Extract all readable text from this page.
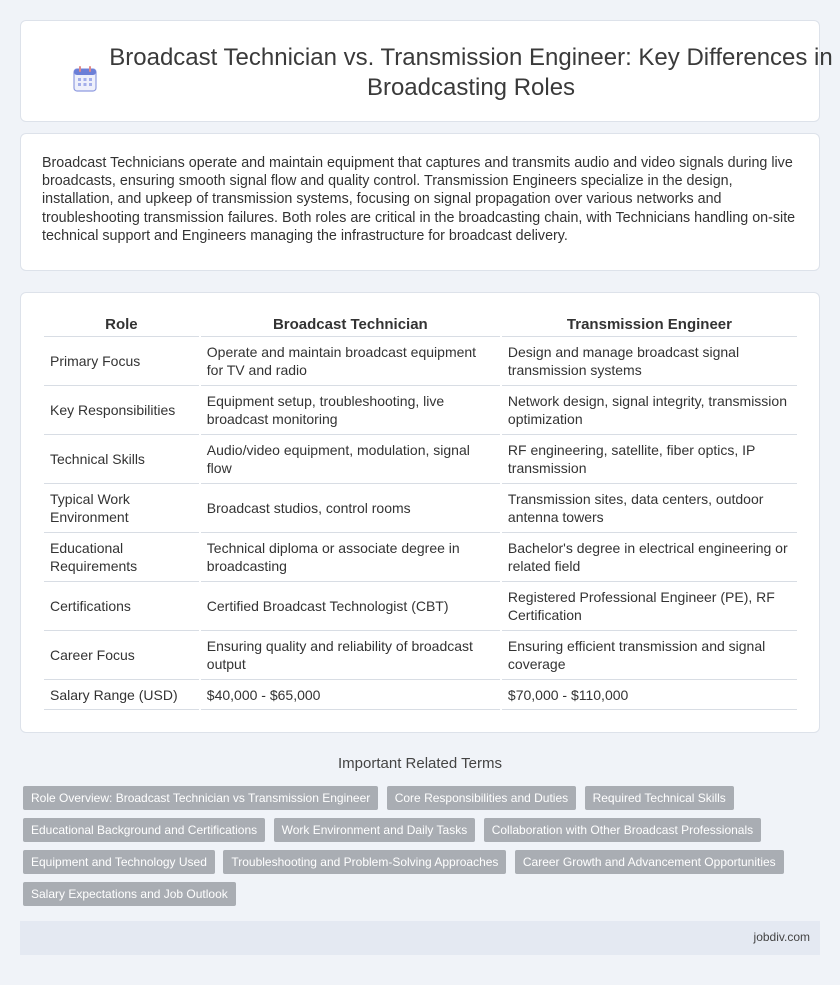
Broadcast Technician vs. Transmission Engineer: Key Differences in Broadcasting Roles

Broadcast Technicians operate and maintain equipment that captures and transmits audio and video signals during live broadcasts, ensuring smooth signal flow and quality control. Transmission Engineers specialize in the design, installation, and upkeep of transmission systems, focusing on signal propagation over various networks and troubleshooting transmission failures. Both roles are critical in the broadcasting chain, with Technicians handling on-site technical support and Engineers managing the infrastructure for broadcast delivery.

Role	Broadcast Technician	Transmission Engineer
Primary Focus	Operate and maintain broadcast equipment for TV and radio	Design and manage broadcast signal transmission systems
Key Responsibilities	Equipment setup, troubleshooting, live broadcast monitoring	Network design, signal integrity, transmission optimization
Technical Skills	Audio/video equipment, modulation, signal flow	RF engineering, satellite, fiber optics, IP transmission
Typical Work Environment	Broadcast studios, control rooms	Transmission sites, data centers, outdoor antenna towers
Educational Requirements	Technical diploma or associate degree in broadcasting	Bachelor's degree in electrical engineering or related field
Certifications	Certified Broadcast Technologist (CBT)	Registered Professional Engineer (PE), RF Certification
Career Focus	Ensuring quality and reliability of broadcast output	Ensuring efficient transmission and signal coverage
Salary Range (USD)	$40,000 - $65,000	$70,000 - $110,000
Important Related Terms
Role Overview: Broadcast Technician vs Transmission Engineer Core Responsibilities and Duties Required Technical Skills Educational Background and Certifications Work Environment and Daily Tasks Collaboration with Other Broadcast Professionals Equipment and Technology Used Troubleshooting and Problem-Solving Approaches Career Growth and Advancement Opportunities Salary Expectations and Job Outlook
jobdiv.com
